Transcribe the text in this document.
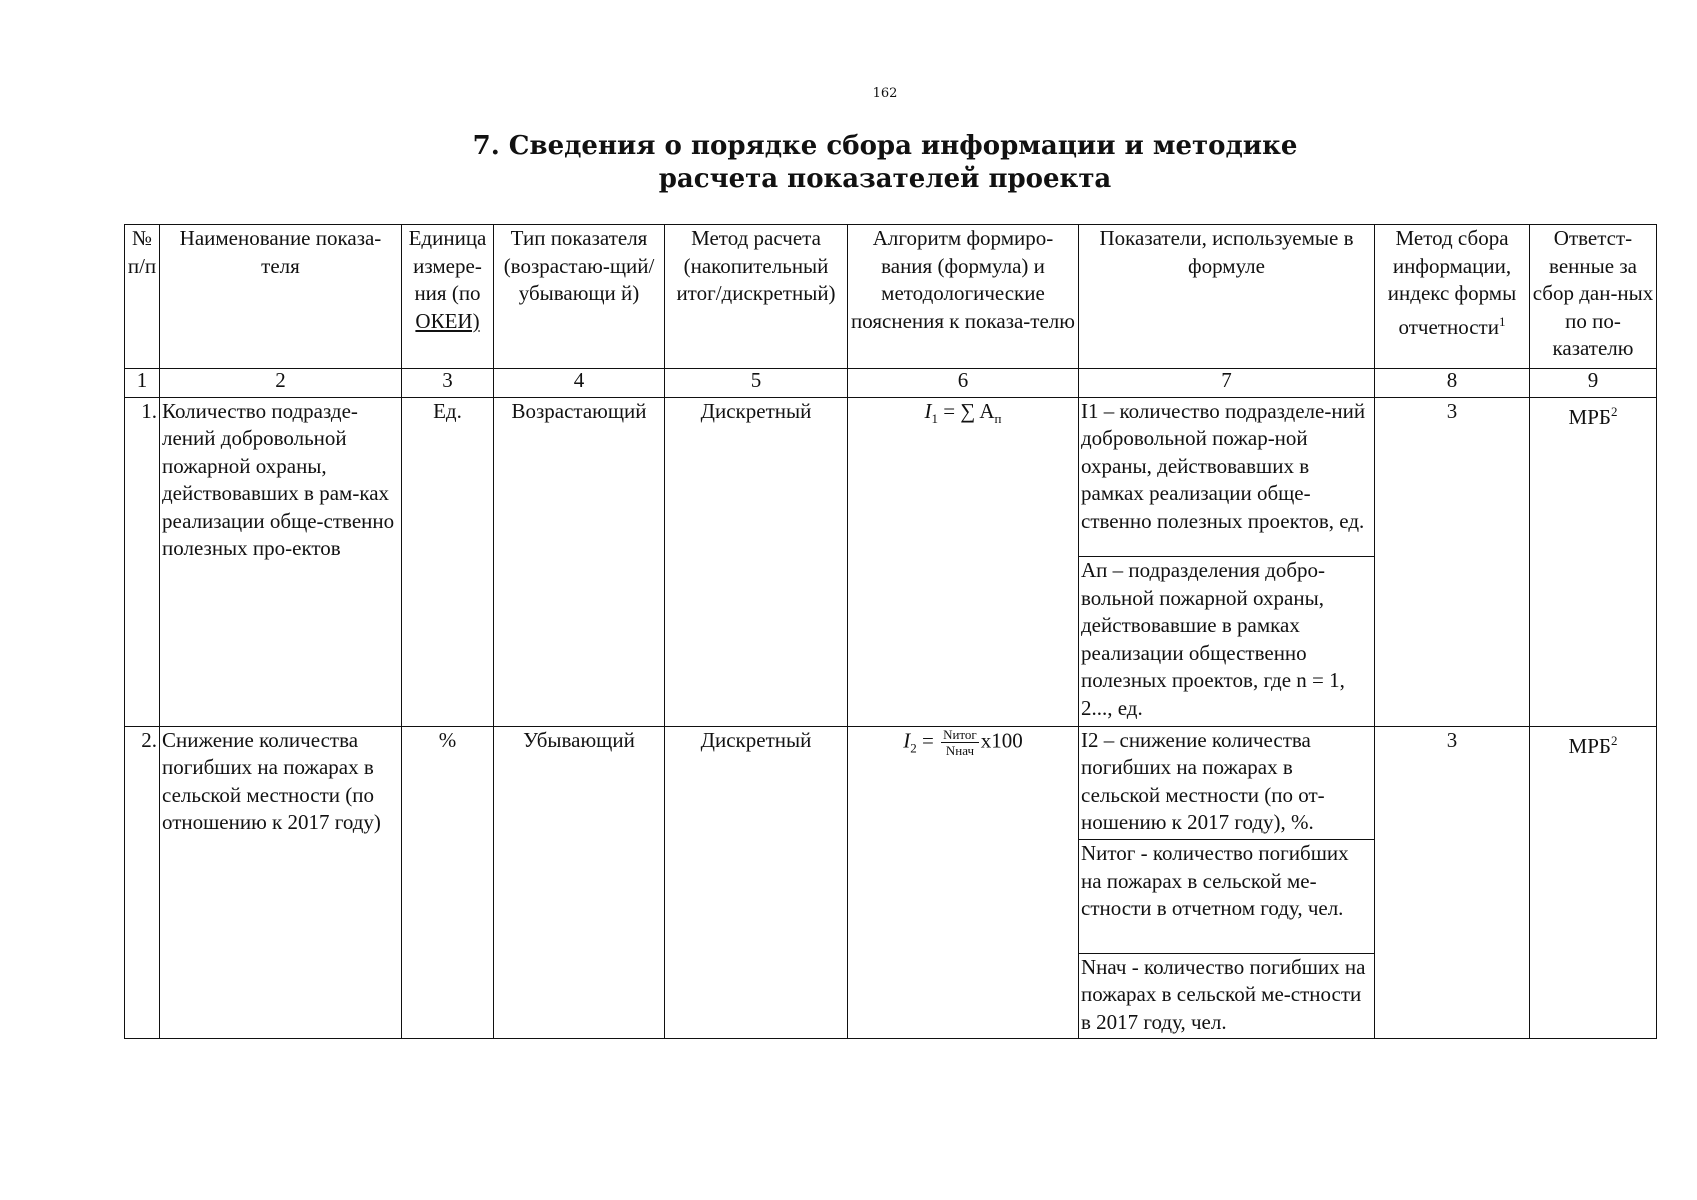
162
7. Сведения о порядке сбора информации и методике
расчета показателей проекта
№ п/п	Наименование показа-теля	Единица измере-ния (по ОКЕИ)	Тип показателя (возрастаю-щий/убывающи й)	Метод расчета (накопительный итог/дискретный)	Алгоритм формиро-вания (формула) и методологические пояснения к показа-телю	Показатели, используемые в формуле	Метод сбора информации, индекс формы отчетности$^1$	Ответст-венные за сбор дан-ных по по-казателю
1	2	3	4	5	6	7	8	9
1.	Количество подразде-лений добровольной пожарной охраны, действовавших в рам-ках реализации обще-ственно полезных про-ектов	Ед.	Возрастающий	Дискретный	$I_1$ = ∑ $A_п$	I1 – количество подразделе-ний добровольной пожар-ной охраны, действовавших в рамках реализации обще-ственно полезных проектов, ед.	3	МРБ$^2$
						Aп – подразделения добро-вольной пожарной охраны, действовавшие в рамках реализации общественно полезных проектов, где n = 1, 2..., ед.		
2.	Снижение количества погибших на пожарах в сельской местности (по отношению к 2017 году)	%	Убывающий	Дискретный	$I_2 = \frac{\text{Nитог}}{\text{Nнач}} x100$	I2 – снижение количества погибших на пожарах в сельской местности (по от-ношению к 2017 году), %.	3	МРБ$^2$
						Nитог - количество погибших на пожарах в сельской ме-стности в отчетном году, чел.		
						Nнач - количество погибших на пожарах в сельской ме-стности в 2017 году, чел.		
